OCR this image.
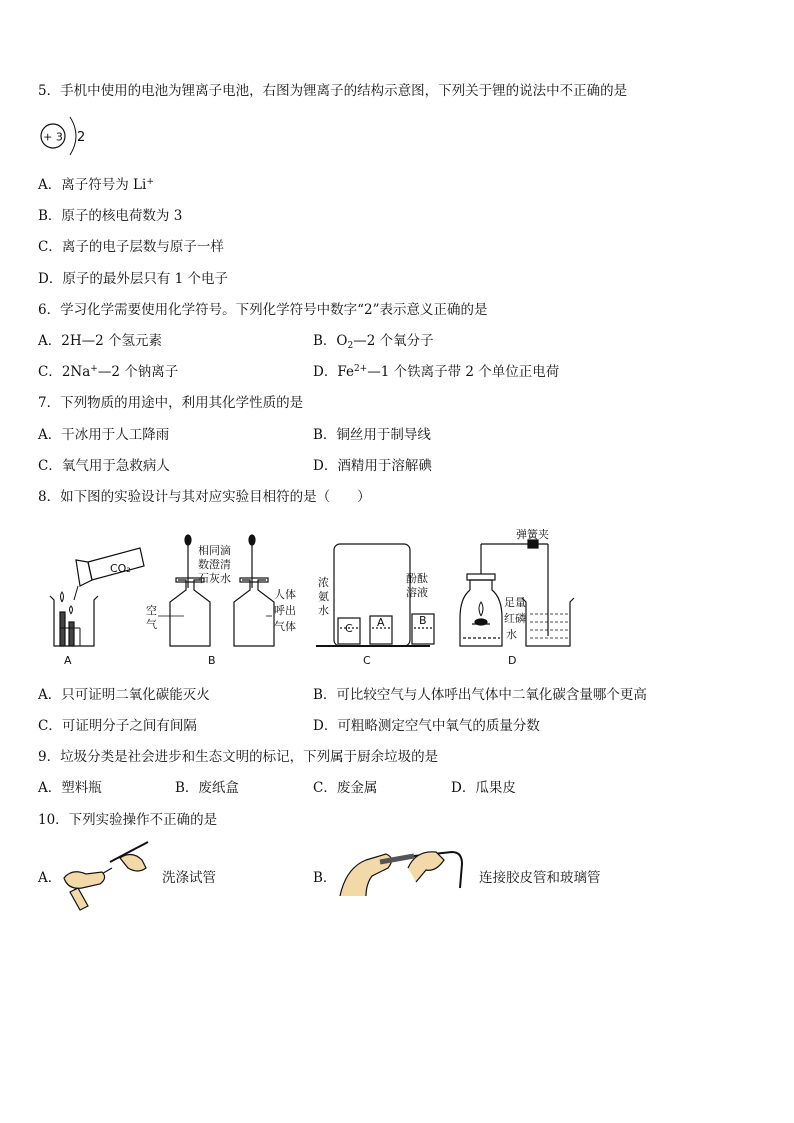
5．手机中使用的电池为锂离子电池，右图为锂离子的结构示意图，下列关于锂的说法中不正确的是
+ 3 2
A．离子符号为 Li+
B．原子的核电荷数为 3
C．离子的电子层数与原子一样
D．原子的最外层只有 1 个电子
6．学习化学需要使用化学符号。下列化学符号中数字“2”表示意义正确的是
A．2H—2 个氢元素	B．$O_2—2$ 个氧分子
C．2Na+—2 个钠离子	D．$Fe^{2+}—1$ 个铁离子带 2 个单位正电荷
7．下列物质的用途中，利用其化学性质的是
A．干冰用于人工降雨	B．铜丝用于制导线
C．氧气用于急救病人	D．酒精用于溶解碘
8．如下图的实验设计与其对应实验目相符的是（　　）
CO₂
A
相同滴
数澄清
石灰水
空
气
人体
呼出
气体
B
浓
氨
水
酚酞
溶液
C A	B
C
弹簧夹
足量
红磷
水
D
A．只可证明二氧化碳能灭火	B．可比较空气与人体呼出气体中二氧化碳含量哪个更高
C．可证明分子之间有间隔	D．可粗略测定空气中氧气的质量分数
9．垃圾分类是社会进步和生态文明的标记，下列属于厨余垃圾的是
A．塑料瓶	B．废纸盒	C．废金属	D．瓜果皮
10．下列实验操作不正确的是
A．	洗涤试管	B．	连接胶皮管和玻璃管
